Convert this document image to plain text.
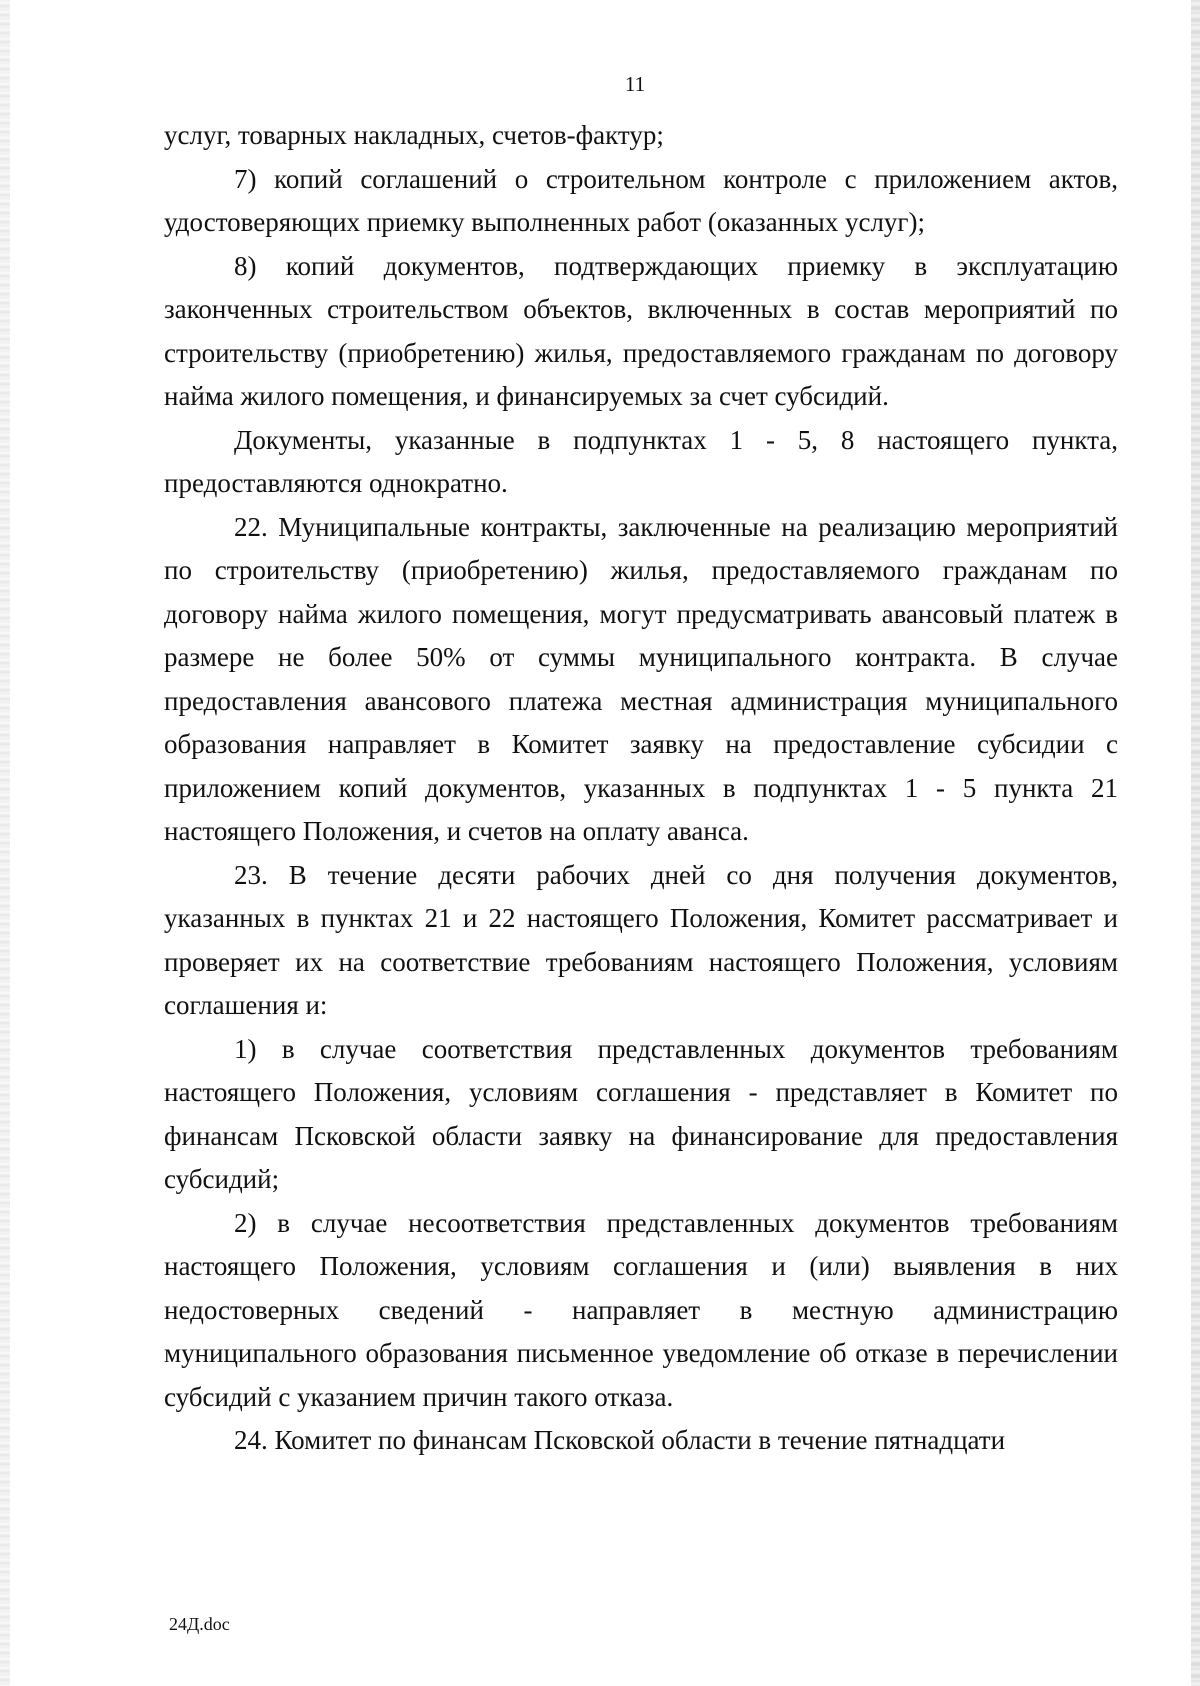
11

услуг, товарных накладных, счетов-фактур;

7) копий соглашений о строительном контроле с приложением актов, удостоверяющих приемку выполненных работ (оказанных услуг);

8) копий документов, подтверждающих приемку в эксплуатацию законченных строительством объектов, включенных в состав мероприятий по строительству (приобретению) жилья, предоставляемого гражданам по договору найма жилого помещения, и финансируемых за счет субсидий.

Документы, указанные в подпунктах 1 - 5, 8 настоящего пункта, предоставляются однократно.

22. Муниципальные контракты, заключенные на реализацию мероприятий по строительству (приобретению) жилья, предоставляемого гражданам по договору найма жилого помещения, могут предусматривать авансовый платеж в размере не более 50% от суммы муниципального контракта. В случае предоставления авансового платежа местная администрация муниципального образования направляет в Комитет заявку на предоставление субсидии с приложением копий документов, указанных в подпунктах 1 - 5 пункта 21 настоящего Положения, и счетов на оплату аванса.

23. В течение десяти рабочих дней со дня получения документов, указанных в пунктах 21 и 22 настоящего Положения, Комитет рассматривает и проверяет их на соответствие требованиям настоящего Положения, условиям соглашения и:

1) в случае соответствия представленных документов требованиям настоящего Положения, условиям соглашения - представляет в Комитет по финансам Псковской области заявку на финансирование для предоставления субсидий;

2) в случае несоответствия представленных документов требованиям настоящего Положения, условиям соглашения и (или) выявления в них недостоверных сведений - направляет в местную администрацию муниципального образования письменное уведомление об отказе в перечислении субсидий с указанием причин такого отказа.

24. Комитет по финансам Псковской области в течение пятнадцати

24Д.doc
